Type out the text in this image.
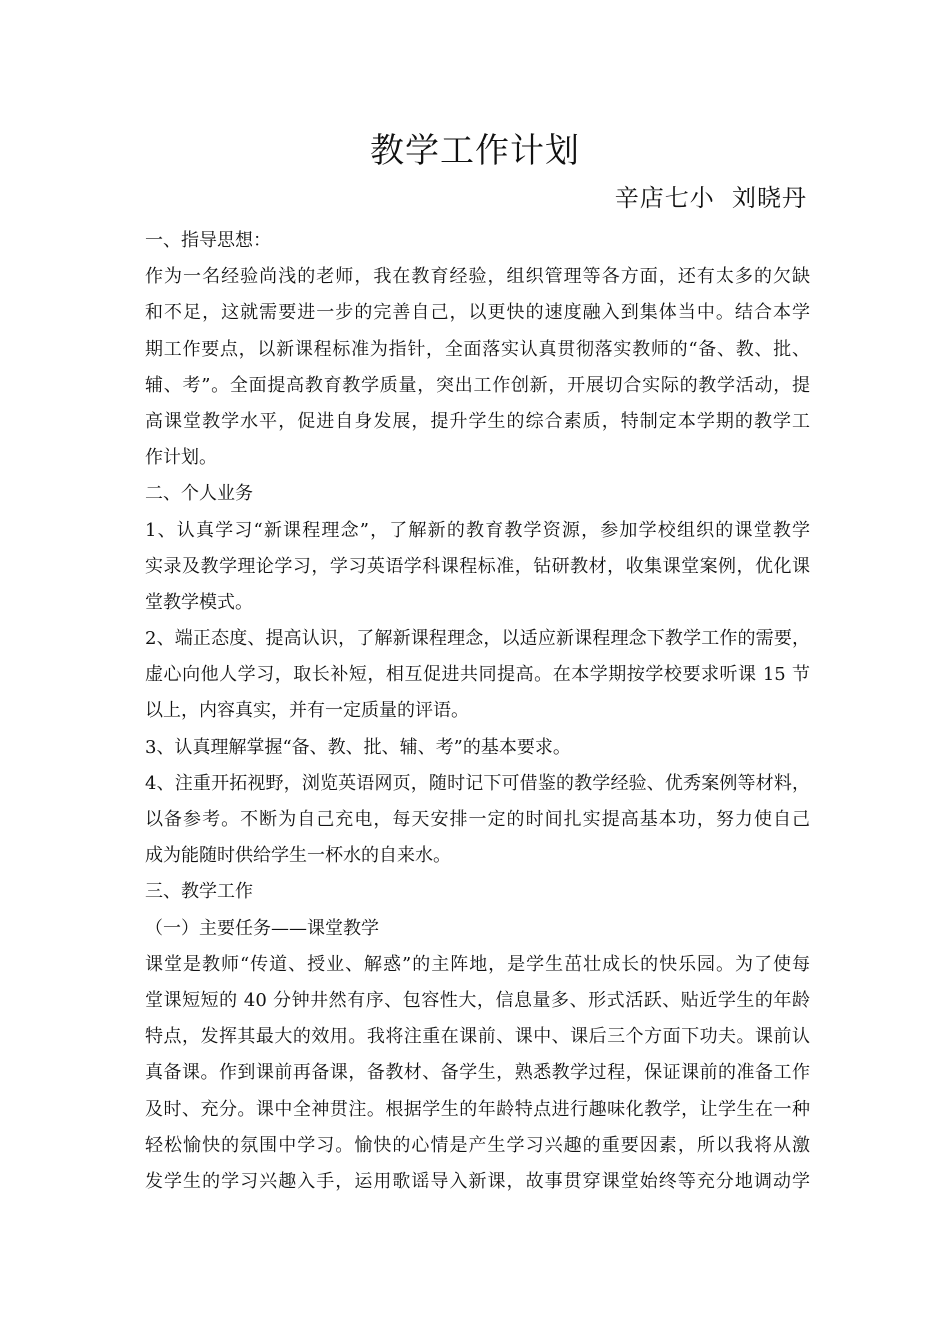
教学工作计划
辛店七小  刘晓丹
一、指导思想：
作为一名经验尚浅的老师，我在教育经验，组织管理等各方面，还有太多的欠缺
和不足，这就需要进一步的完善自己，以更快的速度融入到集体当中。结合本学
期工作要点，以新课程标准为指针，全面落实认真贯彻落实教师的“备、教、批、
辅、考”。全面提高教育教学质量，突出工作创新，开展切合实际的教学活动，提
高课堂教学水平，促进自身发展，提升学生的综合素质，特制定本学期的教学工
作计划。
二、个人业务
1、认真学习“新课程理念”，了解新的教育教学资源，参加学校组织的课堂教学
实录及教学理论学习，学习英语学科课程标准，钻研教材，收集课堂案例，优化课
堂教学模式。
2、端正态度、提高认识，了解新课程理念，以适应新课程理念下教学工作的需要，
虚心向他人学习，取长补短，相互促进共同提高。在本学期按学校要求听课 15 节
以上，内容真实，并有一定质量的评语。
3、认真理解掌握“备、教、批、辅、考”的基本要求。
4、注重开拓视野，浏览英语网页，随时记下可借鉴的教学经验、优秀案例等材料，
以备参考。不断为自己充电，每天安排一定的时间扎实提高基本功，努力使自己
成为能随时供给学生一杯水的自来水。
三、教学工作
（一）主要任务——课堂教学
课堂是教师“传道、授业、解惑”的主阵地，是学生茁壮成长的快乐园。为了使每
堂课短短的 40 分钟井然有序、包容性大，信息量多、形式活跃、贴近学生的年龄
特点，发挥其最大的效用。我将注重在课前、课中、课后三个方面下功夫。课前认
真备课。作到课前再备课，备教材、备学生，熟悉教学过程，保证课前的准备工作
及时、充分。课中全神贯注。根据学生的年龄特点进行趣味化教学，让学生在一种
轻松愉快的氛围中学习。愉快的心情是产生学习兴趣的重要因素，所以我将从激
发学生的学习兴趣入手，运用歌谣导入新课，故事贯穿课堂始终等充分地调动学
